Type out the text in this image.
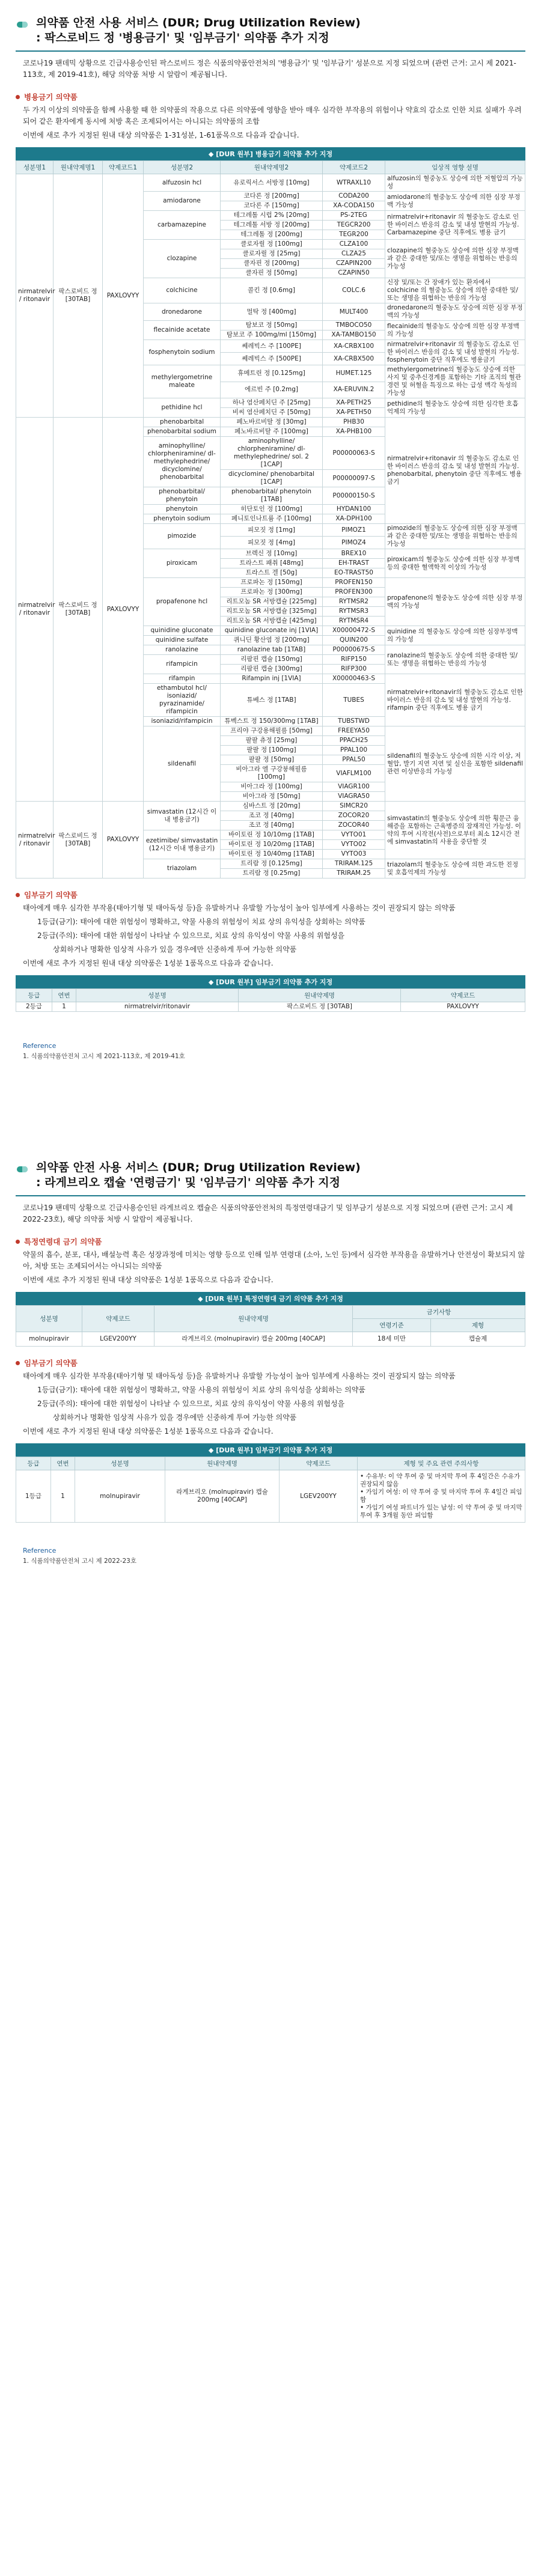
의약품 안전 사용 서비스 (DUR; Drug Utilization Review)
: 팍스로비드 정 '병용금기' 및 '임부금기' 의약품 추가 지정
코로나19 팬데믹 상황으로 긴급사용승인된 팍스로비드 정은 식품의약품안전처의 '병용금기' 및 '임부금기' 성분으로 지정 되었으며 (관련 근거: 고시 제 2021-113호, 제 2019-41호), 해당 의약품 처방 시 알람이 제공됩니다.
병용금기 의약품
두 가지 이상의 의약품을 함께 사용할 때 한 의약품의 작용으로 다른 의약품에 영향을 받아 매우 심각한 부작용의 위험이나 약효의 감소로 인한 치료 실패가 우려되어 같은 환자에게 동시에 처방 혹은 조제되어서는 아니되는 의약품의 조합
이번에 새로 추가 지정된 원내 대상 의약품은 1-31성분, 1-61품목으로 다음과 같습니다.
◆ [DUR 원부] 병용금기 의약품 추가 지정
성분명1	원내약제명1	약제코드1	성분명2	원내약제명2	약제코드2	임상적 영향 설명
nirmatrelvir / ritonavir	팍스로비드 정 [30TAB]	PAXLOVYY	alfuzosin hcl	유로릭서스 서방정 [10mg]	WTRAXL10	alfuzosin의 혈중농도 상승에 의한 저혈압의 가능성
			amiodarone	코다론 정 [200mg]	CODA200	amiodarone의 혈중농도 상승에 의한 심장 부정맥 가능성
				코다론 주 [150mg]	XA-CODA150	
			carbamazepine	테그레톨 시럽 2% [20mg]	PS-2TEG	nirmatrelvir+ritonavir 의 혈중농도 감소로 인한 바이러스 반응의 감소 및 내성 발현의 가능성. Carbamazepine 중단 직후에도 병용 금기
				테그레톨 서방 정 [200mg]	TEGCR200	
				테그레톨 정 [200mg]	TEGR200	
			clozapine	클로자릴 정 [100mg]	CLZA100	clozapine의 혈중농도 상승에 의한 심장 부정맥과 같은 중대한 및/또는 생명을 위협하는 반응의 가능성
				클로자릴 정 [25mg]	CLZA25	
				클자핀 정 [200mg]	CZAPIN200	
				클자핀 정 [50mg]	CZAPIN50	
			colchicine	콜킨 정 [0.6mg]	COLC.6	신장 및/또는 간 장애가 있는 환자에서 colchicine 의 혈중농도 상승에 의한 중대한 및/또는 생명을 위협하는 반응의 가능성
			dronedarone	멀탁 정 [400mg]	MULT400	dronedarone의 혈중농도 상승에 의한 심장 부정맥의 가능성
			flecainide acetate	탐보코 정 [50mg]	TMBOCO50	flecainide의 혈중농도 상승에 의한 심장 부정맥의 가능성
				탐보코 주 100mg/ml [150mg]	XA-TAMBO150	
			fosphenytoin sodium	쎄레빅스 주 [100PE]	XA-CRBX100	nirmatrelvir+ritonavir 의 혈중농도 감소로 인한 바이러스 반응의 감소 및 내성 발현의 가능성. fosphenytoin 중단 직후에도 병용금기
				쎄레빅스 주 [500PE]	XA-CRBX500	
			methylergometrine maleate	휴메트린 정 [0.125mg]	HUMET.125	methylergometrine의 혈중농도 상승에 의한 사지 및 중추신경계를 포함하는 기타 조직의 혈관 경련 및 허혈을 특징으로 하는 급성 맥각 독성의 가능성
				에르빈 주 [0.2mg]	XA-ERUVIN.2	
			pethidine hcl	하나 염산페치딘 주 [25mg]	XA-PETH25	pethidine의 혈중농도 상승에 의한 심각한 호흡억제의 가능성
				비씨 염산페치딘 주 [50mg]	XA-PETH50	
nirmatrelvir / ritonavir	팍스로비드 정 [30TAB]	PAXLOVYY	phenobarbital	페노바르비탈 정 [30mg]	PHB30	nirmatrelvir+ritonavir 의 혈중농도 감소로 인한 바이러스 반응의 감소 및 내성 발현의 가능성. phenobarbital, phenytoin 중단 직후에도 병용금기
			phenobarbital sodium	페노바르비탈 주 [100mg]	XA-PHB100	
			aminophylline/ chlorpheniramine/ dl-methylephedrine/ dicyclomine/ phenobarbital	aminophylline/ chlorpheniramine/ dl-methylephedrine/ sol. 2 [1CAP]	P00000063-S	
				dicyclomine/ phenobarbital [1CAP]	P00000097-S	
			phenobarbital/ phenytoin	phenobarbital/ phenytoin [1TAB]	P00000150-S	
			phenytoin	히단토인 정 [100mg]	HYDAN100	
			phenytoin sodium	페니토인나트륨 주 [100mg]	XA-DPH100	
			pimozide	피모짓 정 [1mg]	PIMOZ1	pimozide의 혈중농도 상승에 의한 심장 부정맥과 같은 중대한 및/또는 생명을 위협하는 반응의 가능성
				피모짓 정 [4mg]	PIMOZ4	
			piroxicam	브렉신 정 [10mg]	BREX10	piroxicam의 혈중농도 상승에 의한 심장 부정맥 등의 중대한 혈액학적 이상의 가능성
				트라스트 패취 [48mg]	EH-TRAST	
				트라스트 겔 [50g]	EO-TRAST50	
			propafenone hcl	프로파논 정 [150mg]	PROFEN150	propafenone의 혈중농도 상승에 의한 심장 부정맥의 가능성
				프로파논 정 [300mg]	PROFEN300	
				리트모놈 SR 서방캡슐 [225mg]	RYTMSR2	
				리트모놈 SR 서방캡슐 [325mg]	RYTMSR3	
				리트모놈 SR 서방캡슐 [425mg]	RYTMSR4	
			quinidine gluconate	quinidine gluconate inj [1VIA]	X00000472-S	quinidine 의 혈중농도 상승에 의한 심장부정맥의 가능성
			quinidine sulfate	퀴니딘 황산염 정 [200mg]	QUIN200	
			ranolazine	ranolazine tab [1TAB]	P00000675-S	ranolazine의 혈중농도 상승에 의한 중대한 및/또는 생명을 위협하는 반응의 가능성
			rifampicin	리팜핀 캡슐 [150mg]	RIFP150	
				리팜핀 캡슐 [300mg]	RIFP300	
			rifampin	Rifampin inj [1VIA]	X00000463-S	nirmatrelvir+ritonavir의 혈중농도 감소로 인한 바이러스 반응의 감소 및 내성 발현의 가능성. rifampin 중단 직후에도 병용 금기
			ethambutol hcl/ isoniazid/ pyrazinamide/ rifampicin	튜베스 정 [1TAB]	TUBES	
			isoniazid/rifampicin	튜벡스트 정 150/300mg [1TAB]	TUBSTWD	
			sildenafil	프리야 구강용해필름 [50mg]	FREEYA50	sildenafil의 혈중농도 상승에 의한 시각 이상, 저혈압, 발기 지연 지연 및 실신을 포함한 sildenafil 관련 이상반응의 가능성
				팔팔 츄정 [25mg]	PPACH25	
				팔팔 정 [100mg]	PPAL100	
				팔팔 정 [50mg]	PPAL50	
				비아그라 엘 구강붕해필름 [100mg]	VIAFLM100	
				비아그라 정 [100mg]	VIAGR100	
				비아그라 정 [50mg]	VIAGRA50	
nirmatrelvir / ritonavir	팍스로비드 정 [30TAB]	PAXLOVYY	simvastatin (12시간 이내 병용금기)	심바스트 정 [20mg]	SIMCR20	simvastatin의 혈중농도 상승에 의한 횡문근 융해증을 포함하는 근육병증의 잠재적인 가능성. 이 약의 투여 시작전(사전)으로부터 최소 12시간 전에 simvastatin의 사용을 중단할 것
				조코 정 [40mg]	ZOCOR20	
				조코 정 [40mg]	ZOCOR40	
			ezetimibe/ simvastatin (12시간 이내 병용금기)	바이토린 정 10/10mg [1TAB]	VYTO01	
				바이토린 정 10/20mg [1TAB]	VYTO02	
				바이토린 정 10/40mg [1TAB]	VYTO03	
			triazolam	트리람 정 [0.125mg]	TRIRAM.125	triazolam의 혈중농도 상승에 의한 과도한 진정 및 호흡억제의 가능성
				트리람 정 [0.25mg]	TRIRAM.25	
임부금기 의약품
태아에게 매우 심각한 부작용(태아기형 및 태아독성 등)을 유발하거나 유발할 가능성이 높아 임부에게 사용하는 것이 권장되지 않는 의약품
1등급(금기): 태아에 대한 위험성이 명확하고, 약물 사용의 위험성이 치료 상의 유익성을 상회하는 의약품
2등급(주의): 태아에 대한 위험성이 나타날 수 있으므로, 치료 상의 유익성이 약물 사용의 위험성을
상회하거나 명확한 임상적 사유가 있을 경우에만 신중하게 투여 가능한 의약품
이번에 새로 추가 지정된 원내 대상 의약품은 1성분 1품목으로 다음과 같습니다.
◆ [DUR 원부] 임부금기 의약품 추가 지정
등급	연번	성분명	원내약제명	약제코드
2등급	1	nirmatrelvir/ritonavir	팍스로비드 정 [30TAB]	PAXLOVYY
Reference
1. 식품의약품안전처 고시 제 2021-113호, 제 2019-41호
의약품 안전 사용 서비스 (DUR; Drug Utilization Review)
: 라게브리오 캡슐 '연령금기' 및 '임부금기' 의약품 추가 지정
코로나19 팬데믹 상황으로 긴급사용승인된 라게브리오 캡슐은 식품의약품안전처의 특정연령대금기 및 임부금기 성분으로 지정 되었으며 (관련 근거: 고시 제 2022-23호), 해당 의약품 처방 시 알람이 제공됩니다.
특정연령대 금기 의약품
약물의 흡수, 분포, 대사, 배설능력 혹은 성장과정에 미치는 영향 등으로 인해 일부 연령대 (소아, 노인 등)에서 심각한 부작용을 유발하거나 안전성이 확보되지 않아, 처방 또는 조제되어서는 아니되는 의약품
이번에 새로 추가 지정된 원내 대상 의약품은 1성분 1품목으로 다음과 같습니다.
◆ [DUR 원부] 특정연령대 금기 의약품 추가 지정
성분명	약제코드	원내약제명	금기사항	
			연령기준	제형
molnupiravir	LGEV200YY	라게브리오 (molnupiravir) 캡슐 200mg [40CAP]	18세 미만	캡슐제
임부금기 의약품
태아에게 매우 심각한 부작용(태아기형 및 태아독성 등)을 유발하거나 유발할 가능성이 높아 임부에게 사용하는 것이 권장되지 않는 의약품
1등급(금기): 태아에 대한 위험성이 명확하고, 약물 사용의 위험성이 치료 상의 유익성을 상회하는 의약품
2등급(주의): 태아에 대한 위험성이 나타날 수 있으므로, 치료 상의 유익성이 약물 사용의 위험성을
상회하거나 명확한 임상적 사유가 있을 경우에만 신중하게 투여 가능한 의약품
이번에 새로 추가 지정된 원내 대상 의약품은 1성분 1품목으로 다음과 같습니다.
◆ [DUR 원부] 임부금기 의약품 추가 지정
등급	연번	성분명	원내약제명	약제코드	제형 및 주요 관련 주의사항
1등급	1	molnupiravir	라게브리오 (molnupiravir) 캡슐 200mg [40CAP]	LGEV200YY	• 수유부: 이 약 투여 중 및 마지막 투여 후 4일간은 수유가 권장되지 않음
• 가임기 여성: 이 약 투여 중 및 마지막 투여 후 4일간 피임함
• 가임기 여성 파트너가 있는 남성: 이 약 투여 중 및 마지막 투여 후 3개월 동안 피임함
Reference
1. 식품의약품안전처 고시 제 2022-23호
